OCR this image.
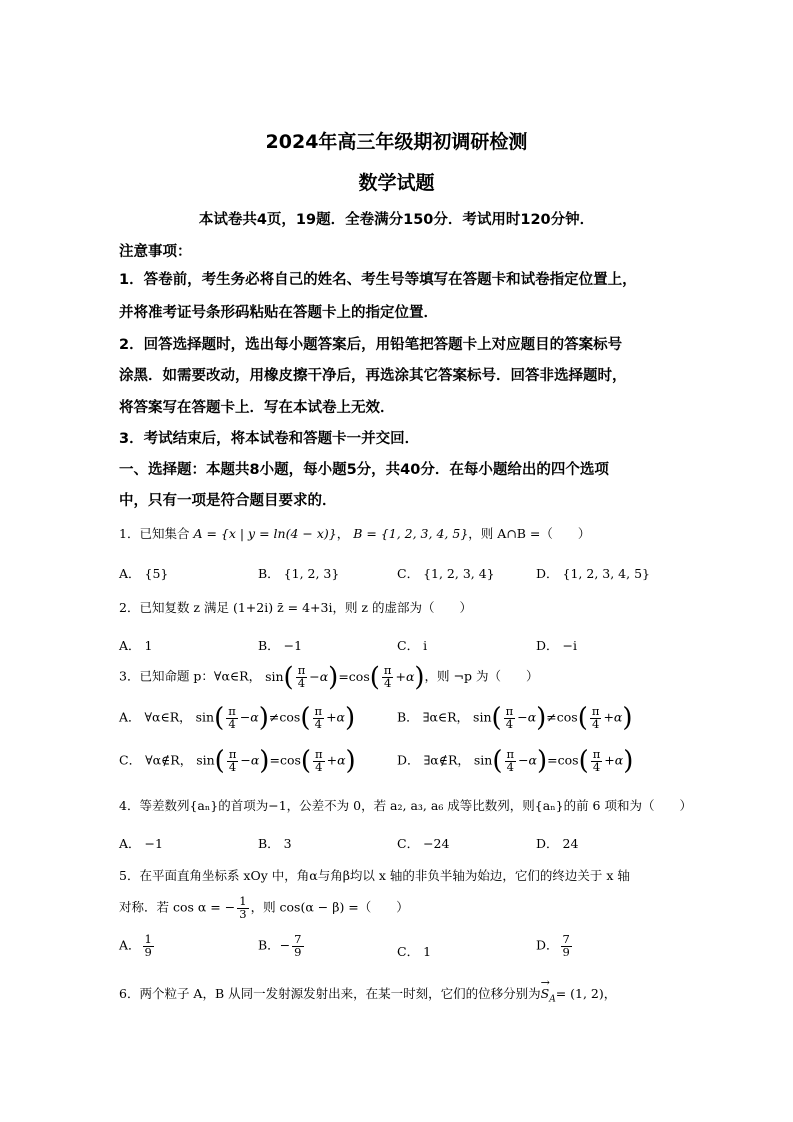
2024年高三年级期初调研检测
数学试题
本试卷共4页，19题．全卷满分150分．考试用时120分钟．
注意事项：
1．答卷前，考生务必将自己的姓名、考生号等填写在答题卡和试卷指定位置上，
并将准考证号条形码粘贴在答题卡上的指定位置．
2．回答选择题时，选出每小题答案后，用铅笔把答题卡上对应题目的答案标号
涂黑．如需要改动，用橡皮擦干净后，再选涂其它答案标号．回答非选择题时，
将答案写在答题卡上．写在本试卷上无效．
3．考试结束后，将本试卷和答题卡一并交回．
一、选择题：本题共8小题，每小题5分，共40分．在每小题给出的四个选项
中，只有一项是符合题目要求的．
1．已知集合 A = {x | y = ln(4 − x)}， B = {1, 2, 3, 4, 5}，则 A∩B =（　　）
A． {5}	B． {1, 2, 3}	C． {1, 2, 3, 4}	D． {1, 2, 3, 4, 5}
2．已知复数 z 满足 (1+2i) z̄ = 4+3i，则 z 的虚部为（　　）
A． 1	B． −1	C． i	D． −i
3．已知命题 p：∀α∈R， $\sin( \frac{\pi}{4} -\alpha)=\cos( \frac{\pi}{4} +\alpha)$，则 ¬p 为（　　）
A． ∀α∈R， $\sin( \frac{\pi}{4} -\alpha)\ne\cos( \frac{\pi}{4} +\alpha)$	B． ∃α∈R， $\sin( \frac{\pi}{4} -\alpha)\ne\cos( \frac{\pi}{4} +\alpha)$
C． ∀α∉R， $\sin( \frac{\pi}{4} -\alpha)=\cos( \frac{\pi}{4} +\alpha)$	D． ∃α∉R， $\sin( \frac{\pi}{4} -\alpha)=\cos( \frac{\pi}{4} +\alpha)$
4．等差数列{aₙ}的首项为−1，公差不为 0，若 a₂, a₃, a₆ 成等比数列，则{aₙ}的前 6 项和为（　　）
A． −1	B． 3	C． −24	D． 24
5．在平面直角坐标系 xOy 中，角α与角β均以 x 轴的非负半轴为始边，它们的终边关于 x 轴
对称．若 cos α = − $\frac{1}{3}$ ，则 cos(α − β) =（　　）
A． $\frac{1}{9}$	B．− $\frac{7}{9}$	C． 1	D． $\frac{7}{9}$
6．两个粒子 A，B 从同一发射源发射出来，在某一时刻，它们的位移分别为→ $S_A= (1$, 2)，
